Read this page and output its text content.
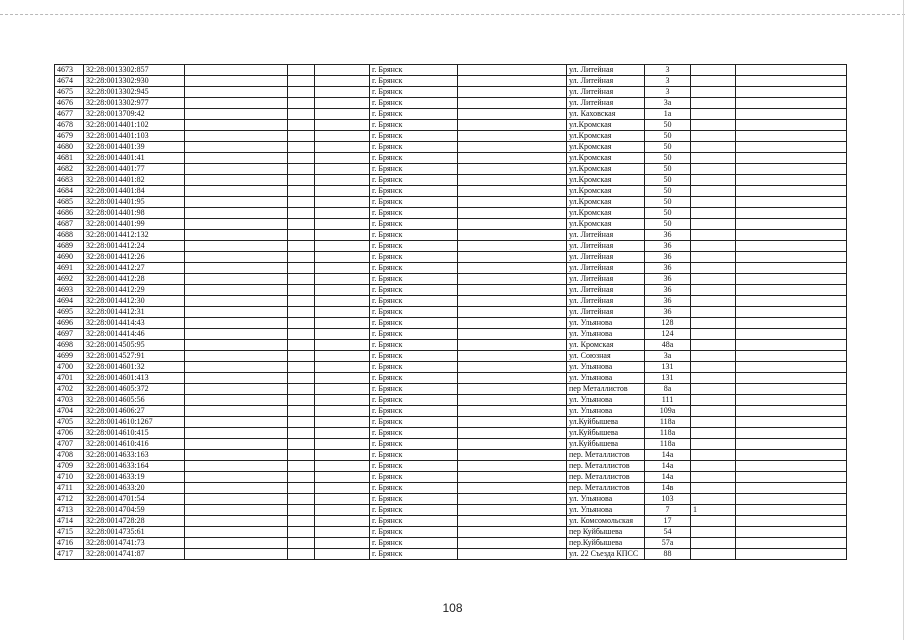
4673	32:28:0013302:857				г. Брянск		ул. Литейная	3		
4674	32:28:0013302:930				г. Брянск		ул. Литейная	3		
4675	32:28:0013302:945				г. Брянск		ул. Литейная	3		
4676	32:28:0013302:977				г. Брянск		ул. Литейная	3а		
4677	32:28:0013709:42				г. Брянск		ул. Каховская	1а		
4678	32:28:0014401:102				г. Брянск		ул.Кромская	50		
4679	32:28:0014401:103				г. Брянск		ул.Кромская	50		
4680	32:28:0014401:39				г. Брянск		ул.Кромская	50		
4681	32:28:0014401:41				г. Брянск		ул.Кромская	50		
4682	32:28:0014401:77				г. Брянск		ул.Кромская	50		
4683	32:28:0014401:82				г. Брянск		ул.Кромская	50		
4684	32:28:0014401:84				г. Брянск		ул.Кромская	50		
4685	32:28:0014401:95				г. Брянск		ул.Кромская	50		
4686	32:28:0014401:98				г. Брянск		ул.Кромская	50		
4687	32:28:0014401:99				г. Брянск		ул.Кромская	50		
4688	32:28:0014412:132				г. Брянск		ул. Литейная	36		
4689	32:28:0014412:24				г. Брянск		ул. Литейная	36		
4690	32:28:0014412:26				г. Брянск		ул. Литейная	36		
4691	32:28:0014412:27				г. Брянск		ул. Литейная	36		
4692	32:28:0014412:28				г. Брянск		ул. Литейная	36		
4693	32:28:0014412:29				г. Брянск		ул. Литейная	36		
4694	32:28:0014412:30				г. Брянск		ул. Литейная	36		
4695	32:28:0014412:31				г. Брянск		ул. Литейная	36		
4696	32:28:0014414:43				г. Брянск		ул. Ульянова	128		
4697	32:28:0014414:46				г. Брянск		ул. Ульянова	124		
4698	32:28:0014505:95				г. Брянск		ул. Кромская	48а		
4699	32:28:0014527:91				г. Брянск		ул. Союзная	3а		
4700	32:28:0014601:32				г. Брянск		ул. Ульянова	131		
4701	32:28:0014601:413				г. Брянск		ул. Ульянова	131		
4702	32:28:0014605:372				г. Брянск		пер Металлистов	8а		
4703	32:28:0014605:56				г. Брянск		ул. Ульянова	111		
4704	32:28:0014606:27				г. Брянск		ул. Ульянова	109а		
4705	32:28:0014610:1267				г. Брянск		ул.Куйбышева	118а		
4706	32:28:0014610:415				г. Брянск		ул.Куйбышева	118а		
4707	32:28:0014610:416				г. Брянск		ул.Куйбышева	118а		
4708	32:28:0014633:163				г. Брянск		пер. Металлистов	14а		
4709	32:28:0014633:164				г. Брянск		пер. Металлистов	14а		
4710	32:28:0014633:19				г. Брянск		пер. Металлистов	14а		
4711	32:28:0014633:20				г. Брянск		пер. Металлистов	14в		
4712	32:28:0014701:54				г. Брянск		ул. Ульянова	103		
4713	32:28:0014704:59				г. Брянск		ул. Ульянова	7	1	
4714	32:28:0014728:28				г. Брянск		ул. Комсомольская	17		
4715	32:28:0014735:61				г. Брянск		пер Куйбышева	54		
4716	32:28:0014741:73				г. Брянск		пер.Куйбышева	57а		
4717	32:28:0014741:87				г. Брянск		ул. 22 Съезда КПСС	88		
108
